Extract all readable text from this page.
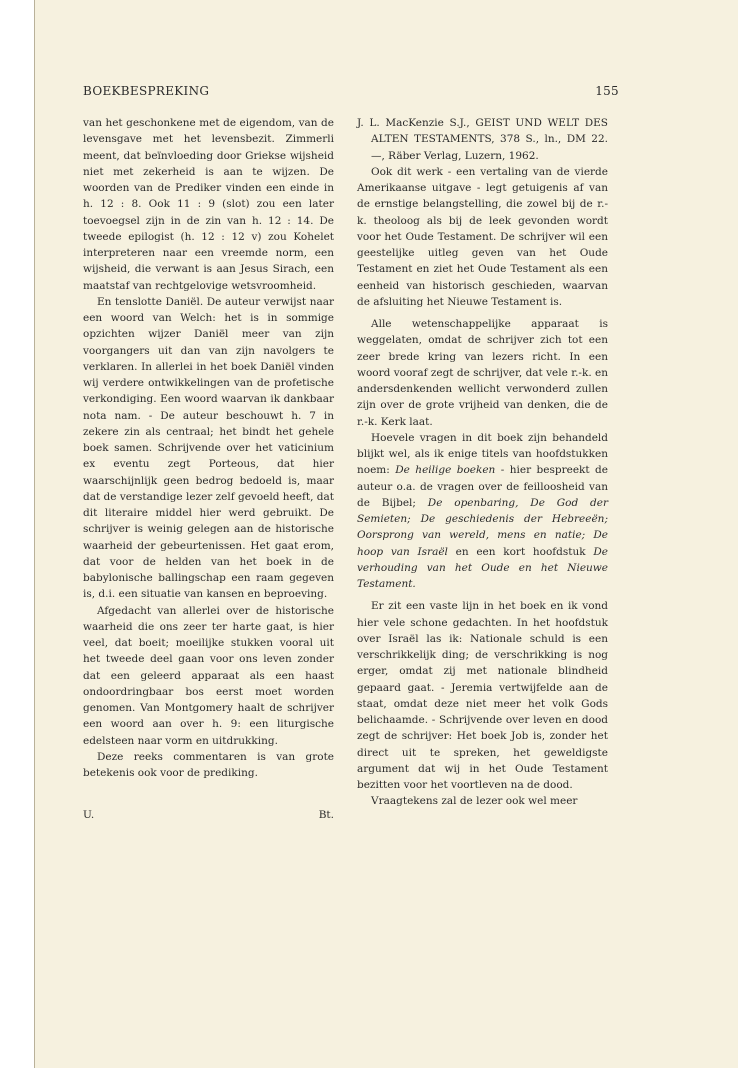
BOEKBESPREKING	155

van het geschonkene met de eigendom, van de levensgave met het levensbezit. Zimmerli meent, dat beïnvloeding door Griekse wijsheid niet met zekerheid is aan te wijzen. De woorden van de Prediker vinden een einde in h. 12 : 8. Ook 11 : 9 (slot) zou een later toevoegsel zijn in de zin van h. 12 : 14. De tweede epilogist (h. 12 : 12 v) zou Kohelet interpreteren naar een vreemde norm, een wijsheid, die verwant is aan Jesus Sirach, een maatstaf van rechtgelovige wetsvroomheid.

En tenslotte Daniël. De auteur verwijst naar een woord van Welch: het is in sommige opzichten wijzer Daniël meer van zijn voorgangers uit dan van zijn navolgers te verklaren. In allerlei in het boek Daniël vinden wij verdere ontwikkelingen van de profetische verkondiging. Een woord waarvan ik dankbaar nota nam. - De auteur beschouwt h. 7 in zekere zin als centraal; het bindt het gehele boek samen. Schrijvende over het vaticinium ex eventu zegt Porteous, dat hier waarschijnlijk geen bedrog bedoeld is, maar dat de verstandige lezer zelf gevoeld heeft, dat dit literaire middel hier werd gebruikt. De schrijver is weinig gelegen aan de historische waarheid der gebeurtenissen. Het gaat erom, dat voor de helden van het boek in de babylonische ballingschap een raam gegeven is, d.i. een situatie van kansen en beproeving.

Afgedacht van allerlei over de historische waarheid die ons zeer ter harte gaat, is hier veel, dat boeit; moeilijke stukken vooral uit het tweede deel gaan voor ons leven zonder dat een geleerd apparaat als een haast ondoordringbaar bos eerst moet worden genomen. Van Montgomery haalt de schrijver een woord aan over h. 9: een liturgische edelsteen naar vorm en uitdrukking.

Deze reeks commentaren is van grote betekenis ook voor de prediking.

U.	Bt.

J. L. MacKenzie S.J., GEIST UND WELT DES ALTEN TESTAMENTS, 378 S., ln., DM 22.—, Räber Verlag, Luzern, 1962.

Ook dit werk - een vertaling van de vierde Amerikaanse uitgave - legt getuigenis af van de ernstige belangstelling, die zowel bij de r.-k. theoloog als bij de leek gevonden wordt voor het Oude Testament. De schrijver wil een geestelijke uitleg geven van het Oude Testament en ziet het Oude Testament als een eenheid van historisch geschieden, waarvan de afsluiting het Nieuwe Testament is.

Alle wetenschappelijke apparaat is weggelaten, omdat de schrijver zich tot een zeer brede kring van lezers richt. In een woord vooraf zegt de schrijver, dat vele r.-k. en andersdenkenden wellicht verwonderd zullen zijn over de grote vrijheid van denken, die de r.-k. Kerk laat.

Hoevele vragen in dit boek zijn behandeld blijkt wel, als ik enige titels van hoofdstukken noem: De heilige boeken - hier bespreekt de auteur o.a. de vragen over de feilloosheid van de Bijbel; De openbaring, De God der Semieten; De geschiedenis der Hebreeën; Oorsprong van wereld, mens en natie; De hoop van Israël en een kort hoofdstuk De verhouding van het Oude en het Nieuwe Testament.

Er zit een vaste lijn in het boek en ik vond hier vele schone gedachten. In het hoofdstuk over Israël las ik: Nationale schuld is een verschrikkelijk ding; de verschrikking is nog erger, omdat zij met nationale blindheid gepaard gaat. - Jeremia vertwijfelde aan de staat, omdat deze niet meer het volk Gods belichaamde. - Schrijvende over leven en dood zegt de schrijver: Het boek Job is, zonder het direct uit te spreken, het geweldigste argument dat wij in het Oude Testament bezitten voor het voortleven na de dood.

Vraagtekens zal de lezer ook wel meer
